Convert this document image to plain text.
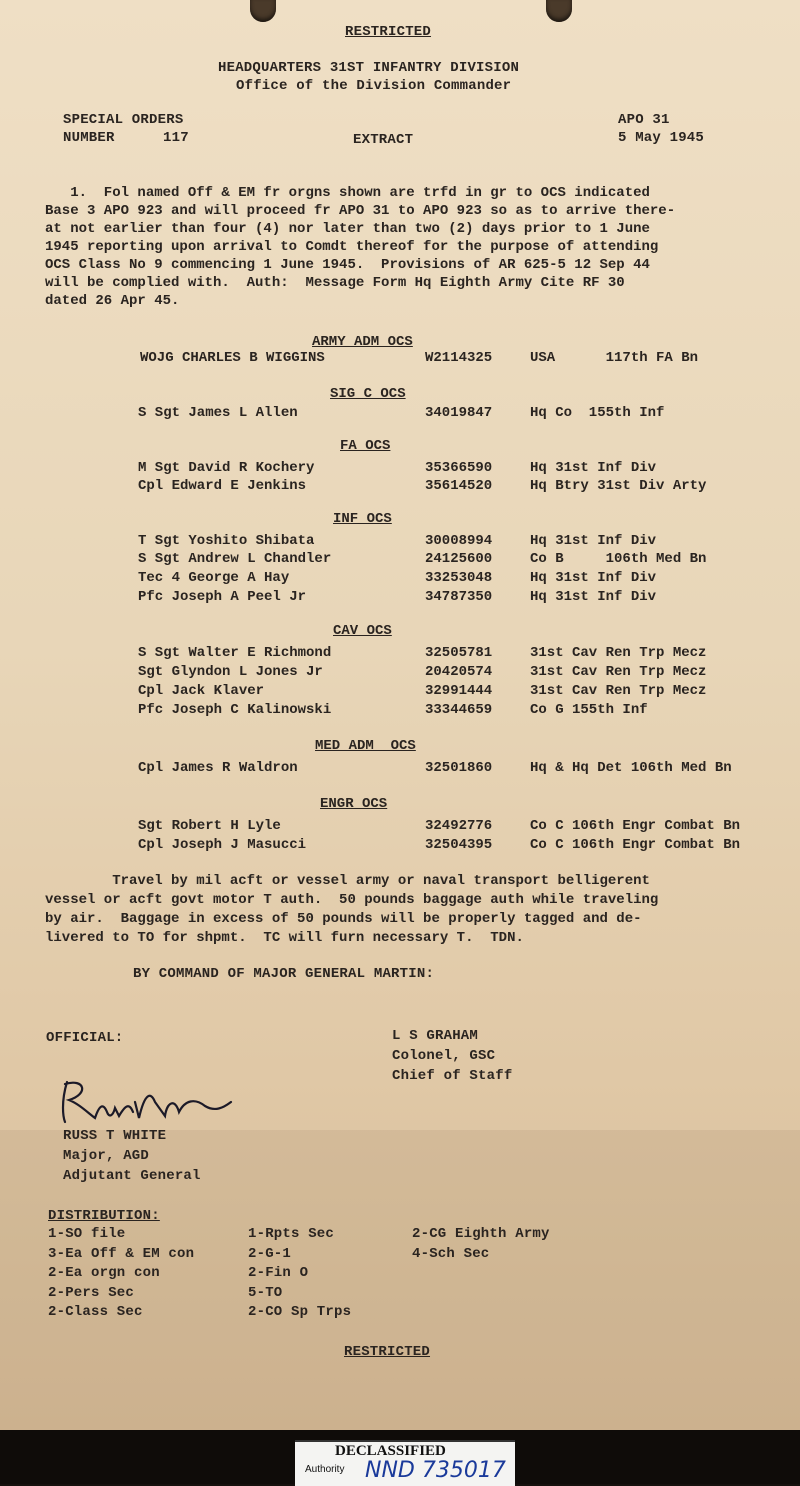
RESTRICTED
HEADQUARTERS 31ST INFANTRY DIVISION
Office of the Division Commander
SPECIAL ORDERS
NUMBER	117	EXTRACT
APO 31
5 May 1945
1.  Fol named Off & EM fr orgns shown are trfd in gr to OCS indicated
Base 3 APO 923 and will proceed fr APO 31 to APO 923 so as to arrive there-
at not earlier than four (4) nor later than two (2) days prior to 1 June
1945 reporting upon arrival to Comdt thereof for the purpose of attending
OCS Class No 9 commencing 1 June 1945.  Provisions of AR 625-5 12 Sep 44
will be complied with.  Auth:  Message Form Hq Eighth Army Cite RF 30
dated 26 Apr 45.
ARMY ADM OCS
WOJG CHARLES B WIGGINS	W2114325	USA      117th FA Bn
SIG C OCS
S Sgt James L Allen	34019847	Hq Co  155th Inf
FA OCS
M Sgt David R Kochery	35366590	Hq 31st Inf Div
Cpl Edward E Jenkins	35614520	Hq Btry 31st Div Arty
INF OCS
T Sgt Yoshito Shibata	30008994	Hq 31st Inf Div
S Sgt Andrew L Chandler	24125600	Co B     106th Med Bn
Tec 4 George A Hay	33253048	Hq 31st Inf Div
Pfc Joseph A Peel Jr	34787350	Hq 31st Inf Div
CAV OCS
S Sgt Walter E Richmond	32505781	31st Cav Ren Trp Mecz
Sgt Glyndon L Jones Jr	20420574	31st Cav Ren Trp Mecz
Cpl Jack Klaver	32991444	31st Cav Ren Trp Mecz
Pfc Joseph C Kalinowski	33344659	Co G 155th Inf
MED ADM  OCS
Cpl James R Waldron	32501860	Hq & Hq Det 106th Med Bn
ENGR OCS
Sgt Robert H Lyle	32492776	Co C 106th Engr Combat Bn
Cpl Joseph J Masucci	32504395	Co C 106th Engr Combat Bn
Travel by mil acft or vessel army or naval transport belligerent
vessel or acft govt motor T auth.  50 pounds baggage auth while traveling
by air.  Baggage in excess of 50 pounds will be properly tagged and de-
livered to TO for shpmt.  TC will furn necessary T.  TDN.
BY COMMAND OF MAJOR GENERAL MARTIN:
OFFICIAL:	L S GRAHAM
Colonel, GSC
Chief of Staff
RUSS T WHITE
Major, AGD
Adjutant General
DISTRIBUTION:
1-SO file
3-Ea Off & EM con
2-Ea orgn con
2-Pers Sec
2-Class Sec
1-Rpts Sec
2-G-1
2-Fin O
5-TO
2-CO Sp Trps
2-CG Eighth Army
4-Sch Sec
RESTRICTED
DECLASSIFIED
Authority NND 735017
